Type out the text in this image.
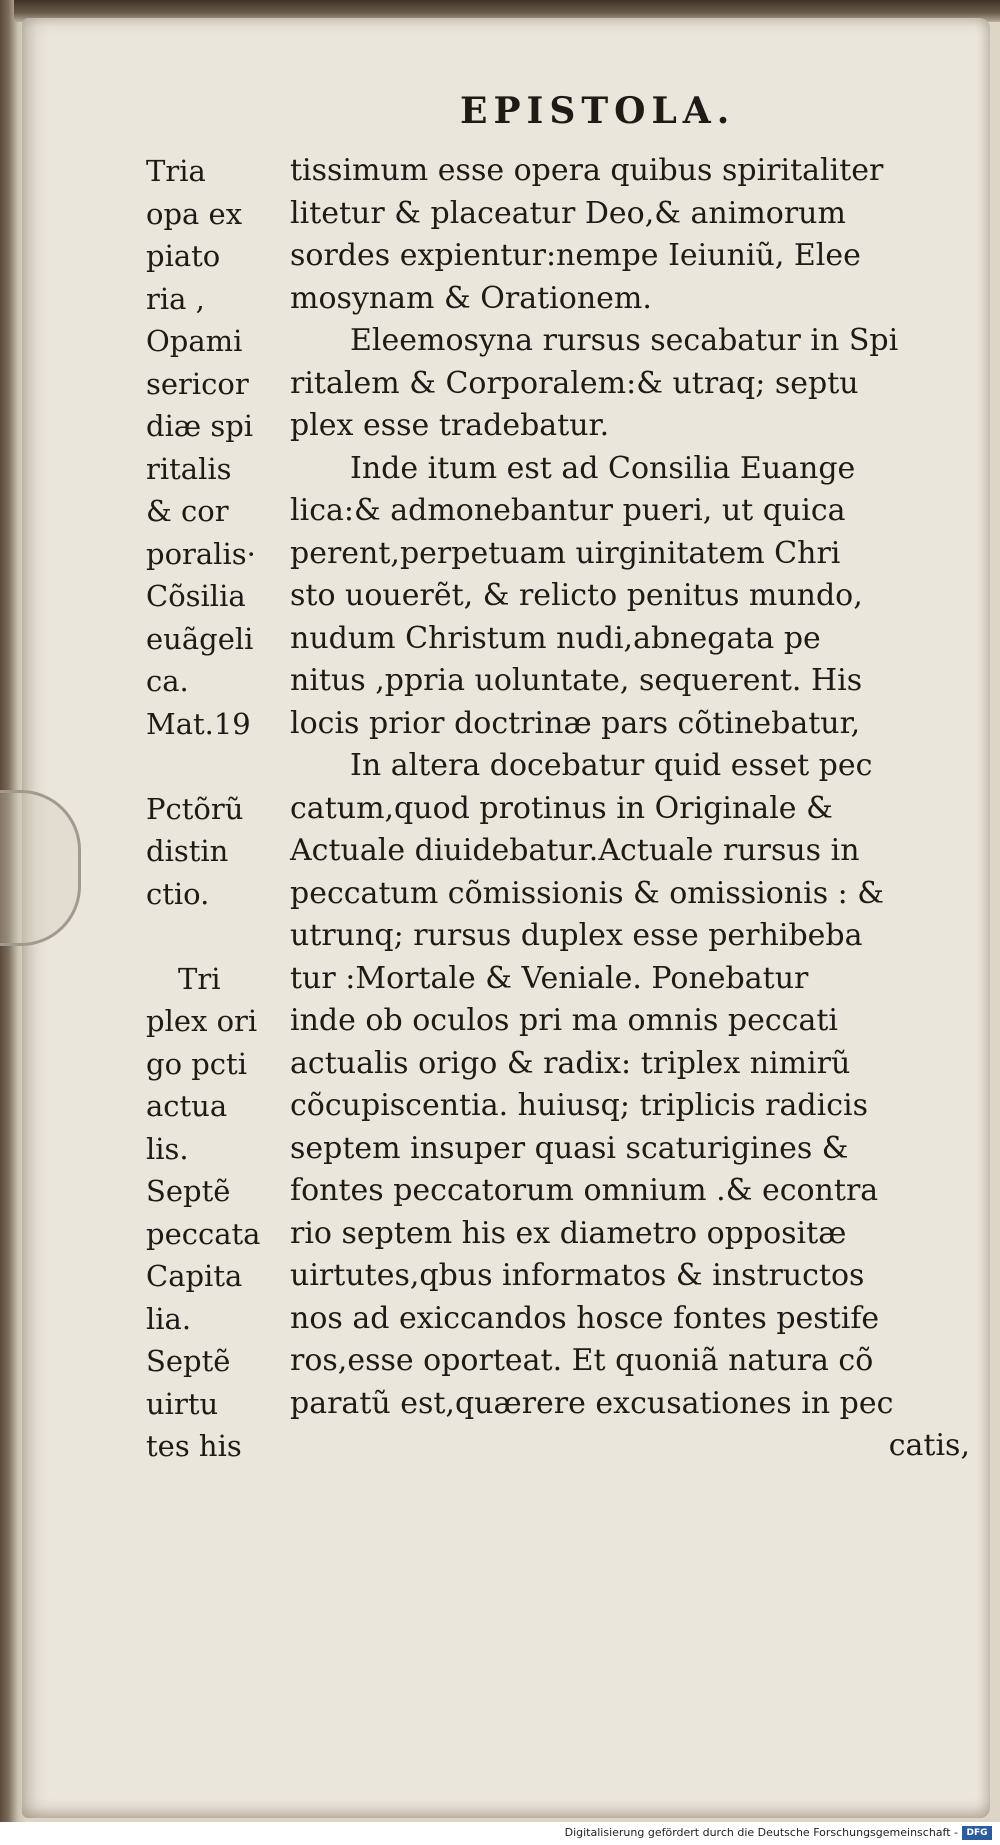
EPISTOLA.
Tria
opa ex
piato
ria ,
Opami
sericor
diæ spi
ritalis
& cor
poralis·
Cõsilia
euãgeli
ca.
Mat.19

Pctõrũ
distin
ctio.

Tri
plex ori
go pcti
actua
lis.
Septẽ
peccata
Capita
lia.
Septẽ
uirtu
tes his
tissimum esse opera quibus spiritaliter
litetur & placeatur Deo,& animorum
sordes expientur:nempe Ieiuniũ, Elee
mosynam & Orationem.
Eleemosyna rursus secabatur in Spi
ritalem & Corporalem:& utraq; septu
plex esse tradebatur.
Inde itum est ad Consilia Euange
lica:& admonebantur pueri, ut quica
perent,perpetuam uirginitatem Chri
sto uouerẽt, & relicto penitus mundo,
nudum Christum nudi,abnegata pe
nitus ,ppria uoluntate, sequerent. His
locis prior doctrinæ pars cõtinebatur,
In altera docebatur quid esset pec
catum,quod protinus in Originale &
Actuale diuidebatur.Actuale rursus in
peccatum cõmissionis & omissionis : &
utrunq; rursus duplex esse perhibeba
tur :Mortale & Veniale. Ponebatur
inde ob oculos pri ma omnis peccati
actualis origo & radix: triplex nimirũ
cõcupiscentia. huiusq; triplicis radicis
septem insuper quasi scaturigines &
fontes peccatorum omnium .& econtra
rio septem his ex diametro oppositæ
uirtutes,qbus informatos & instructos
nos ad exiccandos hosce fontes pestife
ros,esse oporteat. Et quoniã natura cõ
paratũ est,quærere excusationes in pec
catis,
Digitalisierung gefördert durch die Deutsche Forschungsgemeinschaft - DFG
